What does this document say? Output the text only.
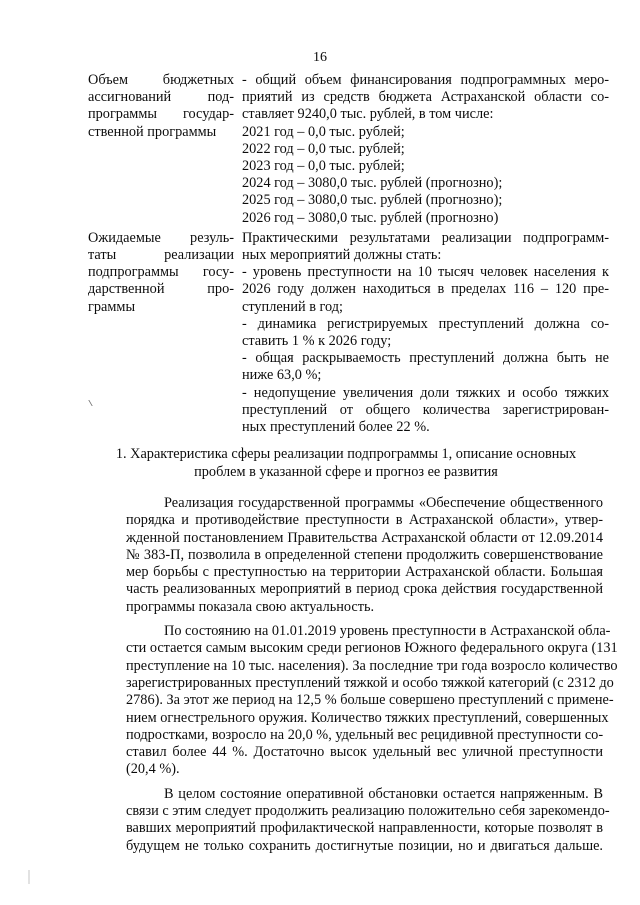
16
Объем бюджетных
ассигнований под-
программы государ-
ственной программы
- общий объем финансирования подпрограммных меро-
приятий из средств бюджета Астраханской области со-
ставляет 9240,0 тыс. рублей, в том числе:
2021 год – 0,0 тыс. рублей;
2022 год – 0,0 тыс. рублей;
2023 год – 0,0 тыс. рублей;
2024 год – 3080,0 тыс. рублей (прогнозно);
2025 год – 3080,0 тыс. рублей (прогнозно);
2026 год – 3080,0 тыс. рублей (прогнозно)
Ожидаемые резуль-
таты реализации
подпрограммы госу-
дарственной про-
граммы
Практическими результатами реализации подпрограмм-
ных мероприятий должны стать:
- уровень преступности на 10 тысяч человек населения к
2026 году должен находиться в пределах 116 – 120 пре-
ступлений в год;
- динамика регистрируемых преступлений должна со-
ставить 1 % к 2026 году;
- общая раскрываемость преступлений должна быть не
ниже 63,0 %;
- недопущение увеличения доли тяжких и особо тяжких
преступлений от общего количества зарегистрирован-
ных преступлений более 22 %.
1. Характеристика сферы реализации подпрограммы 1, описание основных
проблем в указанной сфере и прогноз ее развития
Реализация государственной программы «Обеспечение общественного
порядка и противодействие преступности в Астраханской области», утвер-
жденной постановлением Правительства Астраханской области от 12.09.2014
№ 383-П, позволила в определенной степени продолжить совершенствование
мер борьбы с преступностью на территории Астраханской области. Большая
часть реализованных мероприятий в период срока действия государственной
программы показала свою актуальность.
По состоянию на 01.01.2019 уровень преступности в Астраханской обла-
сти остается самым высоким среди регионов Южного федерального округа (131
преступление на 10 тыс. населения). За последние три года возросло количество
зарегистрированных преступлений тяжкой и особо тяжкой категорий (с 2312 до
2786). За этот же период на 12,5 % больше совершено преступлений с примене-
нием огнестрельного оружия. Количество тяжких преступлений, совершенных
подростками, возросло на 20,0 %, удельный вес рецидивной преступности со-
ставил более 44 %. Достаточно высок удельный вес уличной преступности
(20,4 %).
В целом состояние оперативной обстановки остается напряженным. В
связи с этим следует продолжить реализацию положительно себя зарекомендо-
вавших мероприятий профилактической направленности, которые позволят в
будущем не только сохранить достигнутые позиции, но и двигаться дальше.
